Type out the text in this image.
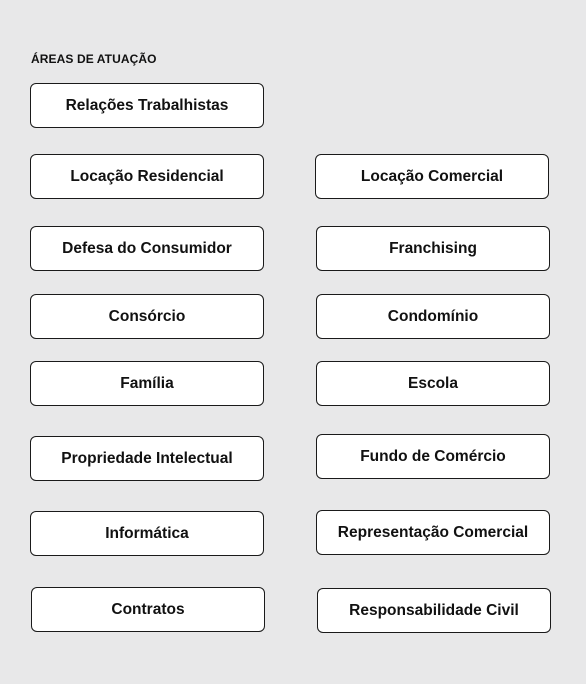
ÁREAS DE ATUAÇÃO
Relações Trabalhistas
Locação Residencial	Locação Comercial
Defesa do Consumidor	Franchising
Consórcio	Condomínio
Família	Escola
Propriedade Intelectual	Fundo de Comércio
Informática	Representação Comercial
Contratos	Responsabilidade Civil
